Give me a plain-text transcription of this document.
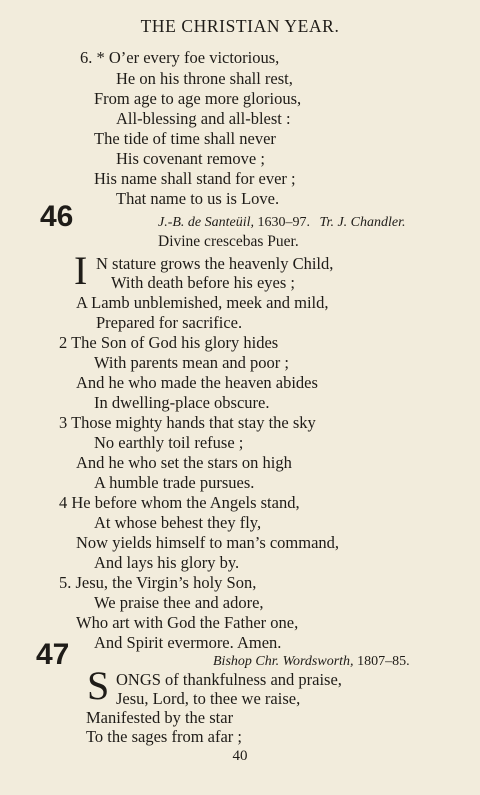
THE CHRISTIAN YEAR.
6. * O’er every foe victorious,
He on his throne shall rest,
From age to age more glorious,
All-blessing and all-blest :
The tide of time shall never
His covenant remove ;
His name shall stand for ever ;
That name to us is Love.
46	J.-B. de Santeüil, 1630–97. Tr. J. Chandler.
Divine crescebas Puer.
I N stature grows the heavenly Child,
With death before his eyes ;
A Lamb unblemished, meek and mild,
Prepared for sacrifice.
2 The Son of God his glory hides
With parents mean and poor ;
And he who made the heaven abides
In dwelling-place obscure.
3 Those mighty hands that stay the sky
No earthly toil refuse ;
And he who set the stars on high
A humble trade pursues.
4 He before whom the Angels stand,
At whose behest they fly,
Now yields himself to man’s command,
And lays his glory by.
5. Jesu, the Virgin’s holy Son,
We praise thee and adore,
Who art with God the Father one,
And Spirit evermore. Amen.
47	Bishop Chr. Wordsworth, 1807–85.
S ONGS of thankfulness and praise,
Jesu, Lord, to thee we raise,
Manifested by the star
To the sages from afar ;
40
